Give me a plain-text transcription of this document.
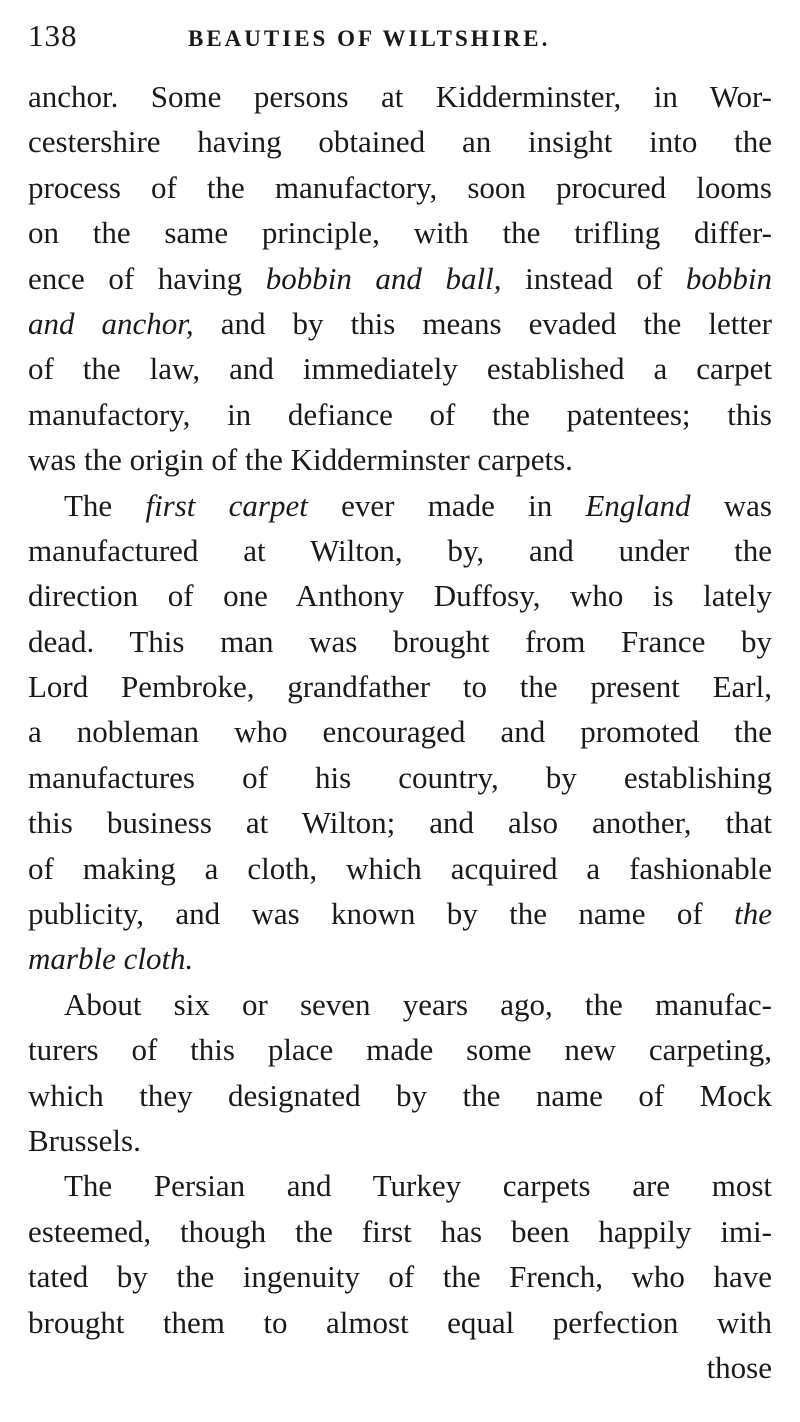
138	BEAUTIES OF WILTSHIRE.
anchor. Some persons at Kidderminster, in Wor-
cestershire having obtained an insight into the
process of the manufactory, soon procured looms
on the same principle, with the trifling differ-
ence of having bobbin and ball, instead of bobbin
and anchor, and by this means evaded the letter
of the law, and immediately established a carpet
manufactory, in defiance of the patentees; this
was the origin of the Kidderminster carpets.
The first carpet ever made in England was
manufactured at Wilton, by, and under the
direction of one Anthony Duffosy, who is lately
dead. This man was brought from France by
Lord Pembroke, grandfather to the present Earl,
a nobleman who encouraged and promoted the
manufactures of his country, by establishing
this business at Wilton; and also another, that
of making a cloth, which acquired a fashionable
publicity, and was known by the name of the
marble cloth.
About six or seven years ago, the manufac-
turers of this place made some new carpeting,
which they designated by the name of Mock
Brussels.
The Persian and Turkey carpets are most
esteemed, though the first has been happily imi-
tated by the ingenuity of the French, who have
brought them to almost equal perfection with
those
